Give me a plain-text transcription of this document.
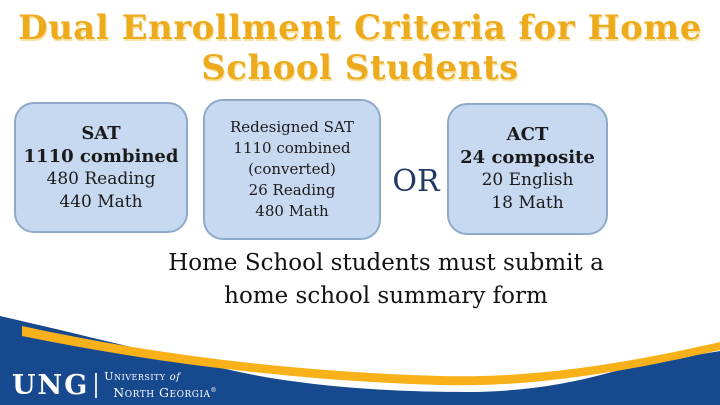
Dual Enrollment Criteria for Home
School Students
SAT
1110 combined
480 Reading
440 Math
Redesigned SAT
1110 combined
(converted)
26 Reading
480 Math
OR
ACT
24 composite
20 English
18 Math
Home School students must submit a
home school summary form
UNG University of
North Georgia®
